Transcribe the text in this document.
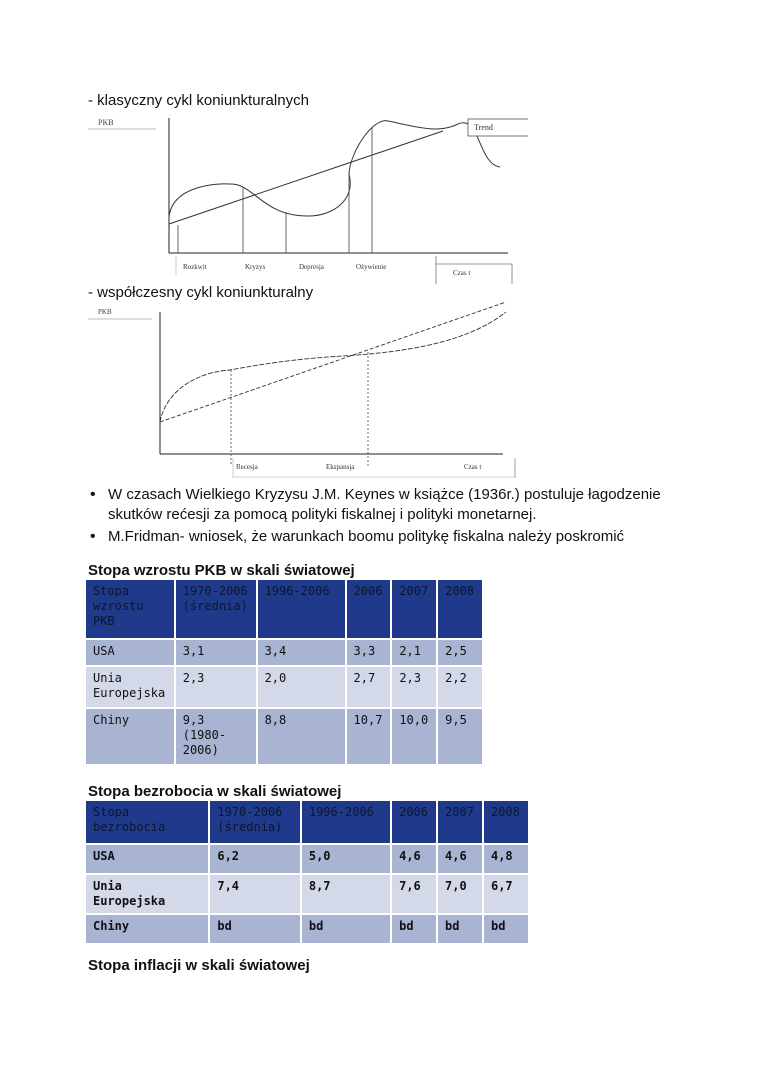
- klasyczny cykl koniunkturalnych
PKB
Trend
Czas t
Rozkwit	Kryzys	Depresja	Ożywienie
- współczesny cykl koniunkturalny
PKB
Recesja	Ekspansja	Czas t
• W czasach Wielkiego Kryzysu J.M. Keynes w książce (1936r.) postuluje łagodzenie skutków rećesji za pomocą polityki fiskalnej i polityki monetarnej.
• M.Fridman- wniosek, że warunkach boomu politykę fiskalna należy poskromić
Stopa wzrostu PKB w skali światowej
Stopa wzrostu PKB	1970-2006 (średnia)	1996-2006	2006	2007	2008
USA	3,1	3,4	3,3	2,1	2,5
Unia Europejska	2,3	2,0	2,7	2,3	2,2
Chiny	9,3 (1980-2006)	8,8	10,7	10,0	9,5
Stopa bezrobocia w skali światowej
Stopa bezrobocia	1970-2006 (średnia)	1996-2006	2006	2007	2008
USA	6,2	5,0	4,6	4,6	4,8
Unia Europejska	7,4	8,7	7,6	7,0	6,7
Chiny	bd	bd	bd	bd	bd
Stopa inflacji w skali światowej
